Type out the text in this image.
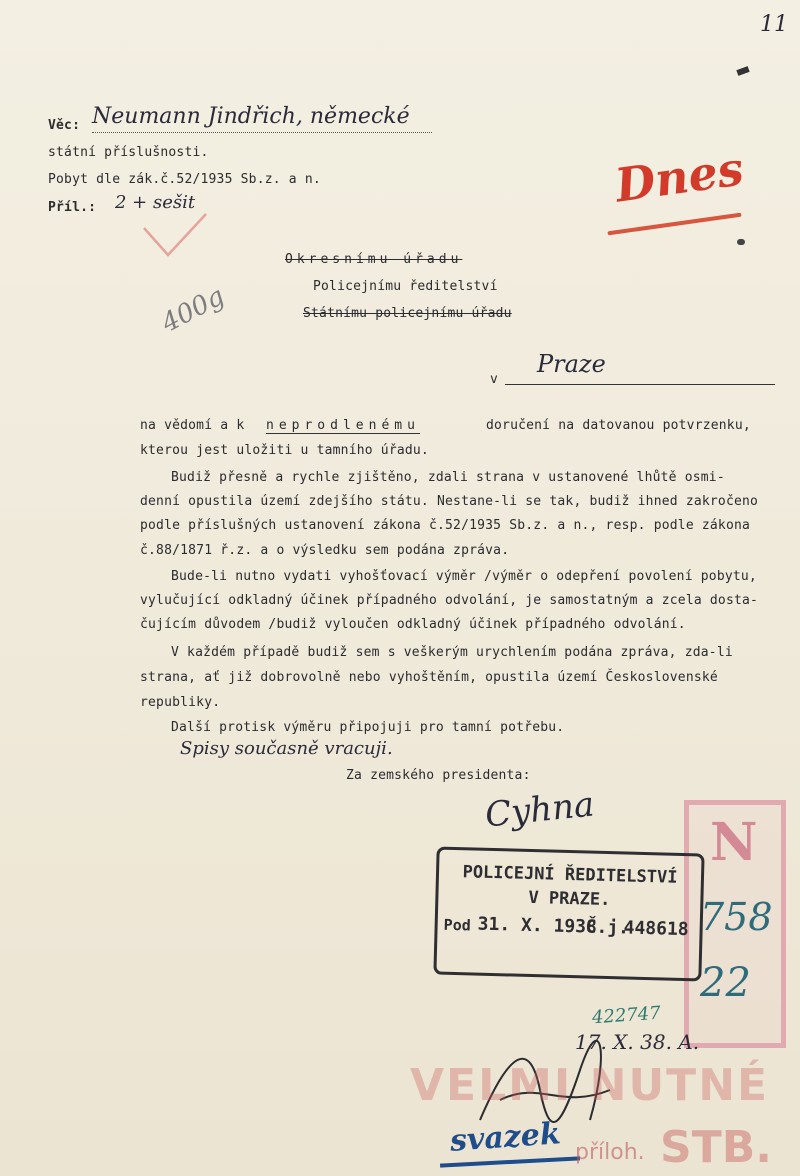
11
Věc: Neumann Jindřich, německé
státní příslušnosti.
Pobyt dle zák.č.52/1935 Sb.z. a n.
Příl.: 2 + sešit	Dnes
400g
Okresnímu úřadu
Policejnímu ředitelství
Státnímu policejnímu úřadu
v
Praze
na vědomí a k neprodlenému	doručení na datovanou potvrzenku,
kterou jest uložiti u tamního úřadu.
Budiž přesně a rychle zjištěno, zdali strana v ustanovené lhůtě osmi-
denní opustila území zdejšího státu. Nestane-li se tak, budiž ihned zakročeno
podle příslušných ustanovení zákona č.52/1935 Sb.z. a n., resp. podle zákona
č.88/1871 ř.z. a o výsledku sem podána zpráva.
Bude-li nutno vydati vyhošťovací výměr /výměr o odepření povolení pobytu,
vylučující odkladný účinek případného odvolání, je samostatným a zcela dosta-
čujícím důvodem /budiž vyloučen odkladný účinek případného odvolání.
V každém případě budiž sem s veškerým urychlením podána zpráva, zda-li
strana, ať již dobrovolně nebo vyhoštěním, opustila území Československé
republiky.
Další protisk výměru připojuji pro tamní potřebu.
Spisy současně vracuji.
Za zemského presidenta:
Cyhna
N
758
22
POLICEJNÍ ŘEDITELSTVÍ
V PRAZE.
Pod 31. X. 1938
Č.j.
448618
422747
17. X. 38. A.
VELMI NUTNÉ
STB.
svazek příloh.
